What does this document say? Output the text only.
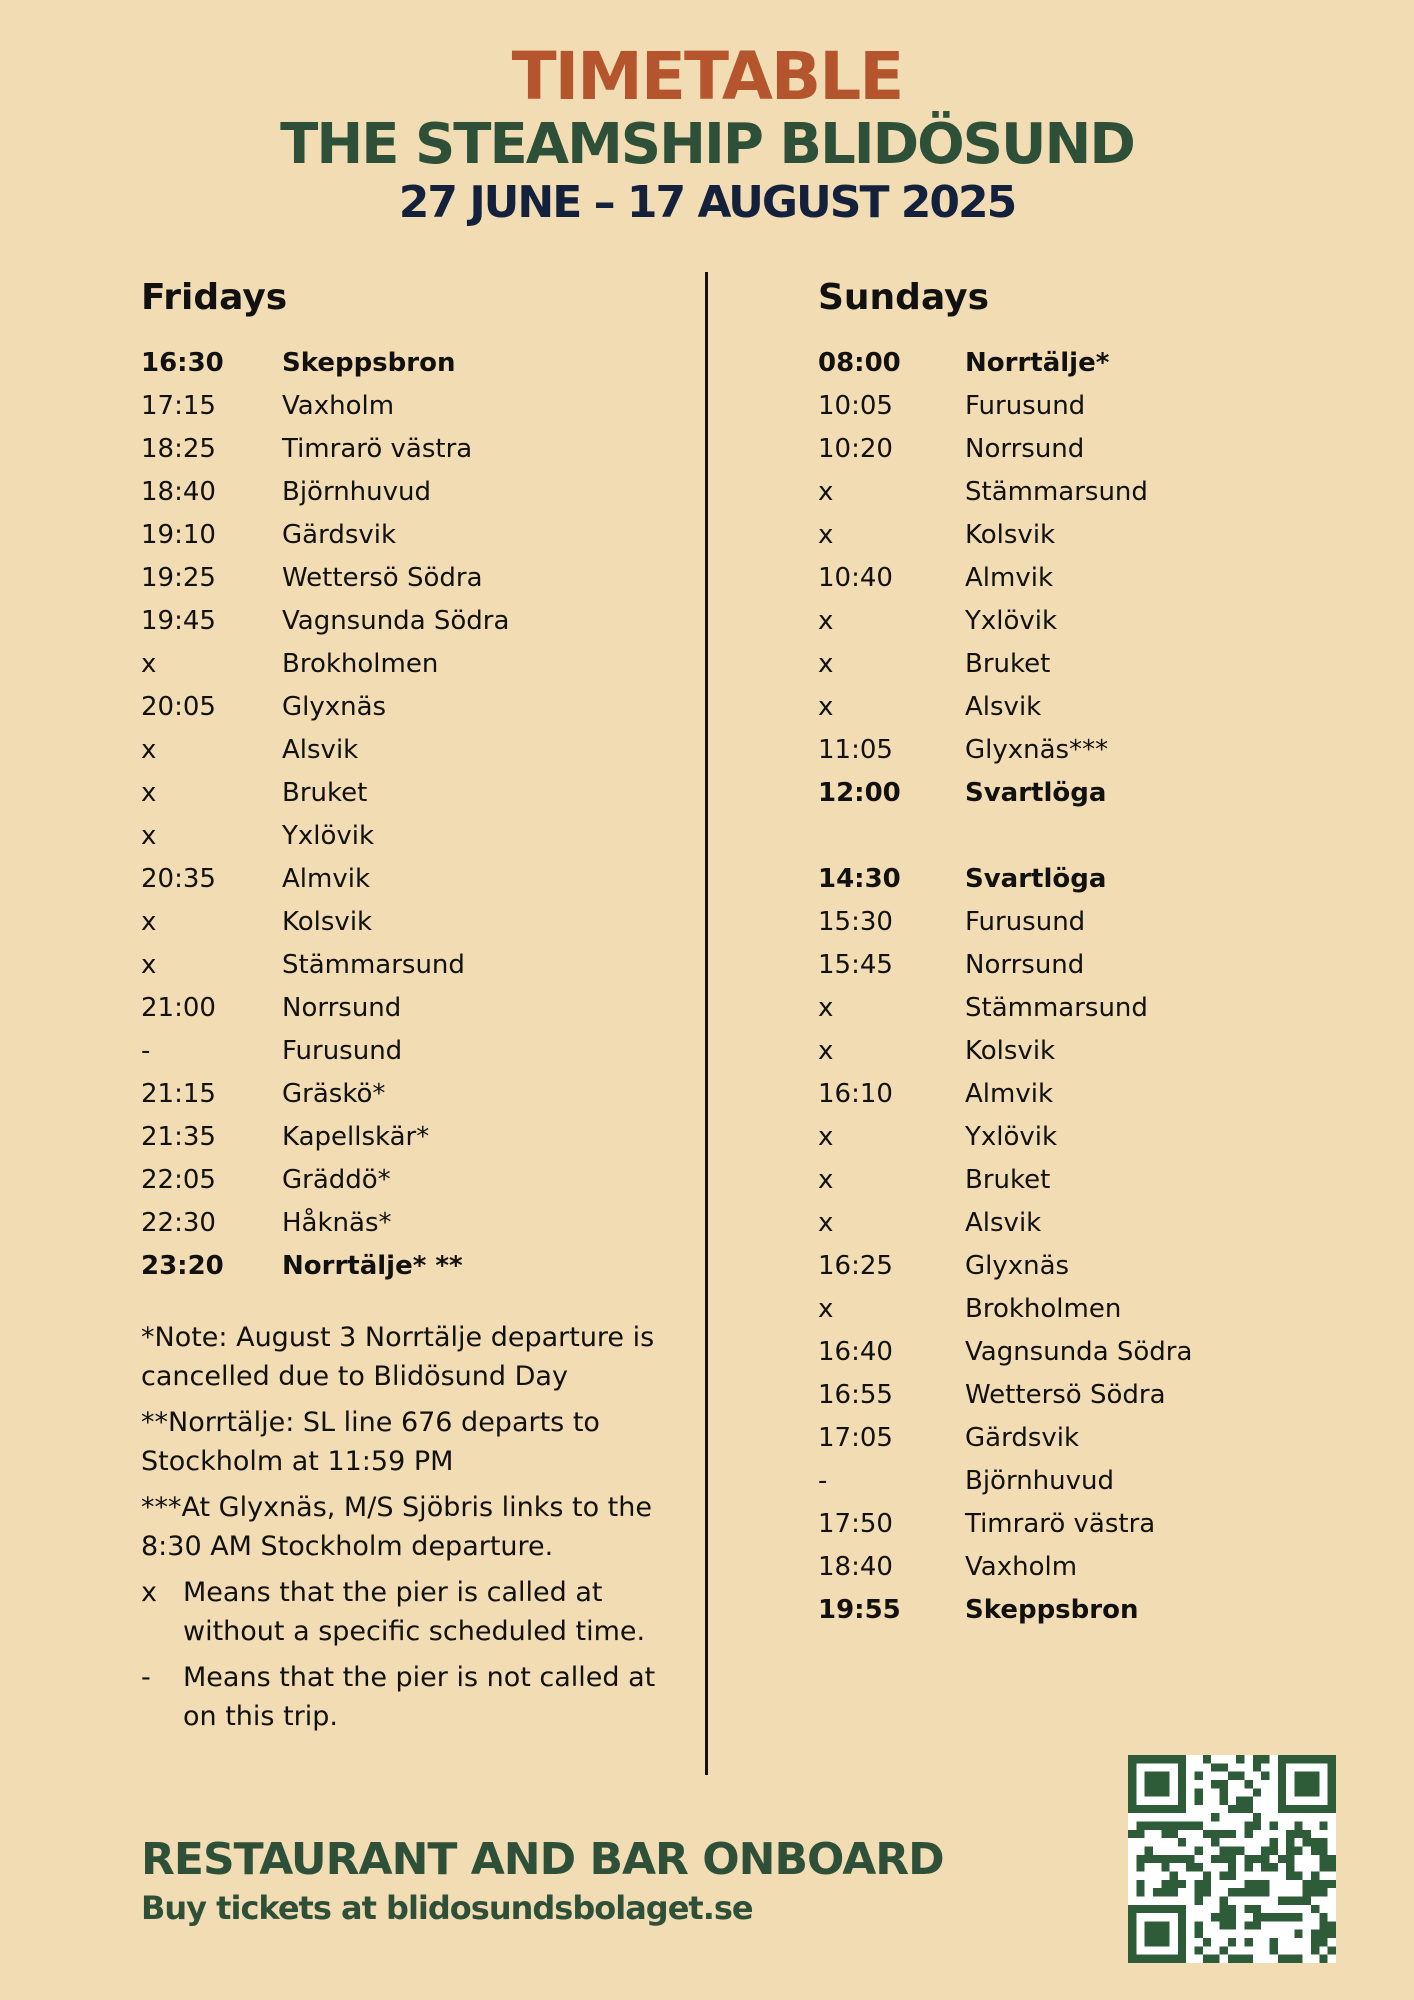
TIMETABLE
THE STEAMSHIP BLIDÖSUND
27 JUNE – 17 AUGUST 2025
Fridays
16:30	Skeppsbron
17:15	Vaxholm
18:25	Timrarö västra
18:40	Björnhuvud
19:10	Gärdsvik
19:25	Wettersö Södra
19:45	Vagnsunda Södra
x	Brokholmen
20:05	Glyxnäs
x	Alsvik
x	Bruket
x	Yxlövik
20:35	Almvik
x	Kolsvik
x	Stämmarsund
21:00	Norrsund
-	Furusund
21:15	Gräskö*
21:35	Kapellskär*
22:05	Gräddö*
22:30	Håknäs*
23:20	Norrtälje* **
Sundays
08:00	Norrtälje*
10:05	Furusund
10:20	Norrsund
x	Stämmarsund
x	Kolsvik
10:40	Almvik
x	Yxlövik
x	Bruket
x	Alsvik
11:05	Glyxnäs***
12:00	Svartlöga
14:30	Svartlöga
15:30	Furusund
15:45	Norrsund
x	Stämmarsund
x	Kolsvik
16:10	Almvik
x	Yxlövik
x	Bruket
x	Alsvik
16:25	Glyxnäs
x	Brokholmen
16:40	Vagnsunda Södra
16:55	Wettersö Södra
17:05	Gärdsvik
-	Björnhuvud
17:50	Timrarö västra
18:40	Vaxholm
19:55	Skeppsbron
*Note: August 3 Norrtälje departure is cancelled due to Blidösund Day
**Norrtälje: SL line 676 departs to Stockholm at 11:59 PM
***At Glyxnäs, M/S Sjöbris links to the 8:30 AM Stockholm departure.
x Means that the pier is called at without a specific scheduled time.
-	Means that the pier is not called at on this trip.
RESTAURANT AND BAR ONBOARD
Buy tickets at blidosundsbolaget.se
